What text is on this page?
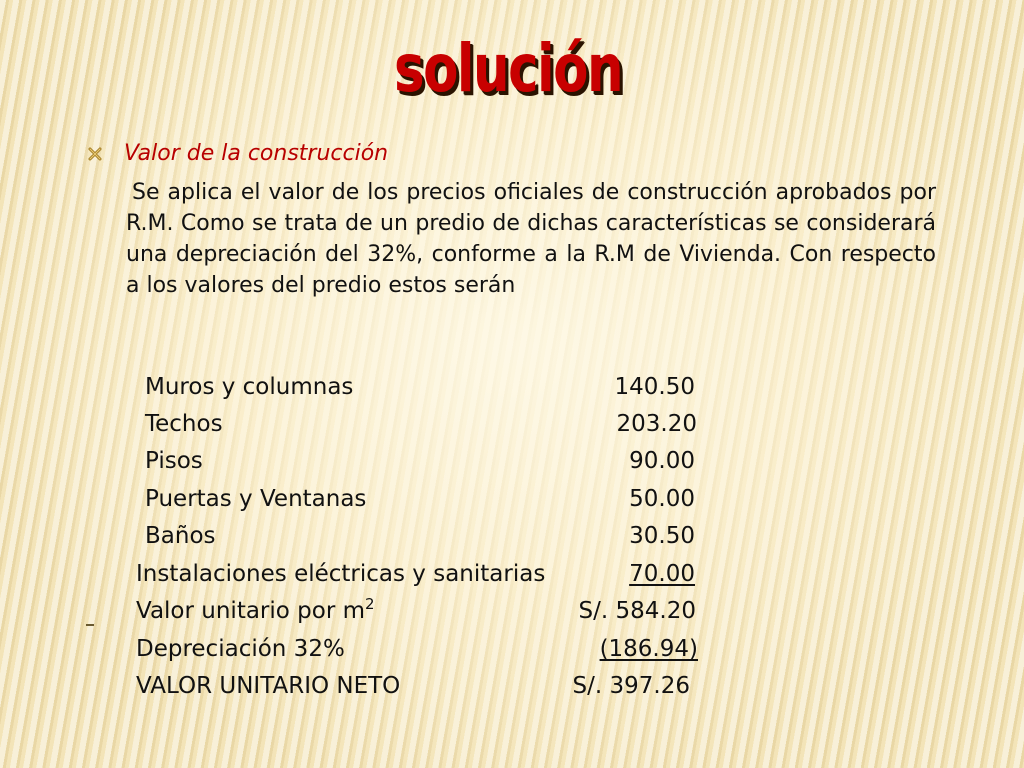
solución
Valor de la construcción
Se aplica el valor de los precios oficiales de construcción aprobados por R.M. Como se trata de un predio de dichas características se considerará una depreciación del 32%, conforme a la R.M de Vivienda. Con respecto a los valores del predio estos serán
Muros y columnas	140.50
Techos	203.20
Pisos	90.00
Puertas y Ventanas	50.00
Baños	30.50
Instalaciones eléctricas y sanitarias	70.00
Valor unitario por $m^2$	S/. 584.20
Depreciación 32%	(186.94)
VALOR UNITARIO NETO	S/. 397.26
